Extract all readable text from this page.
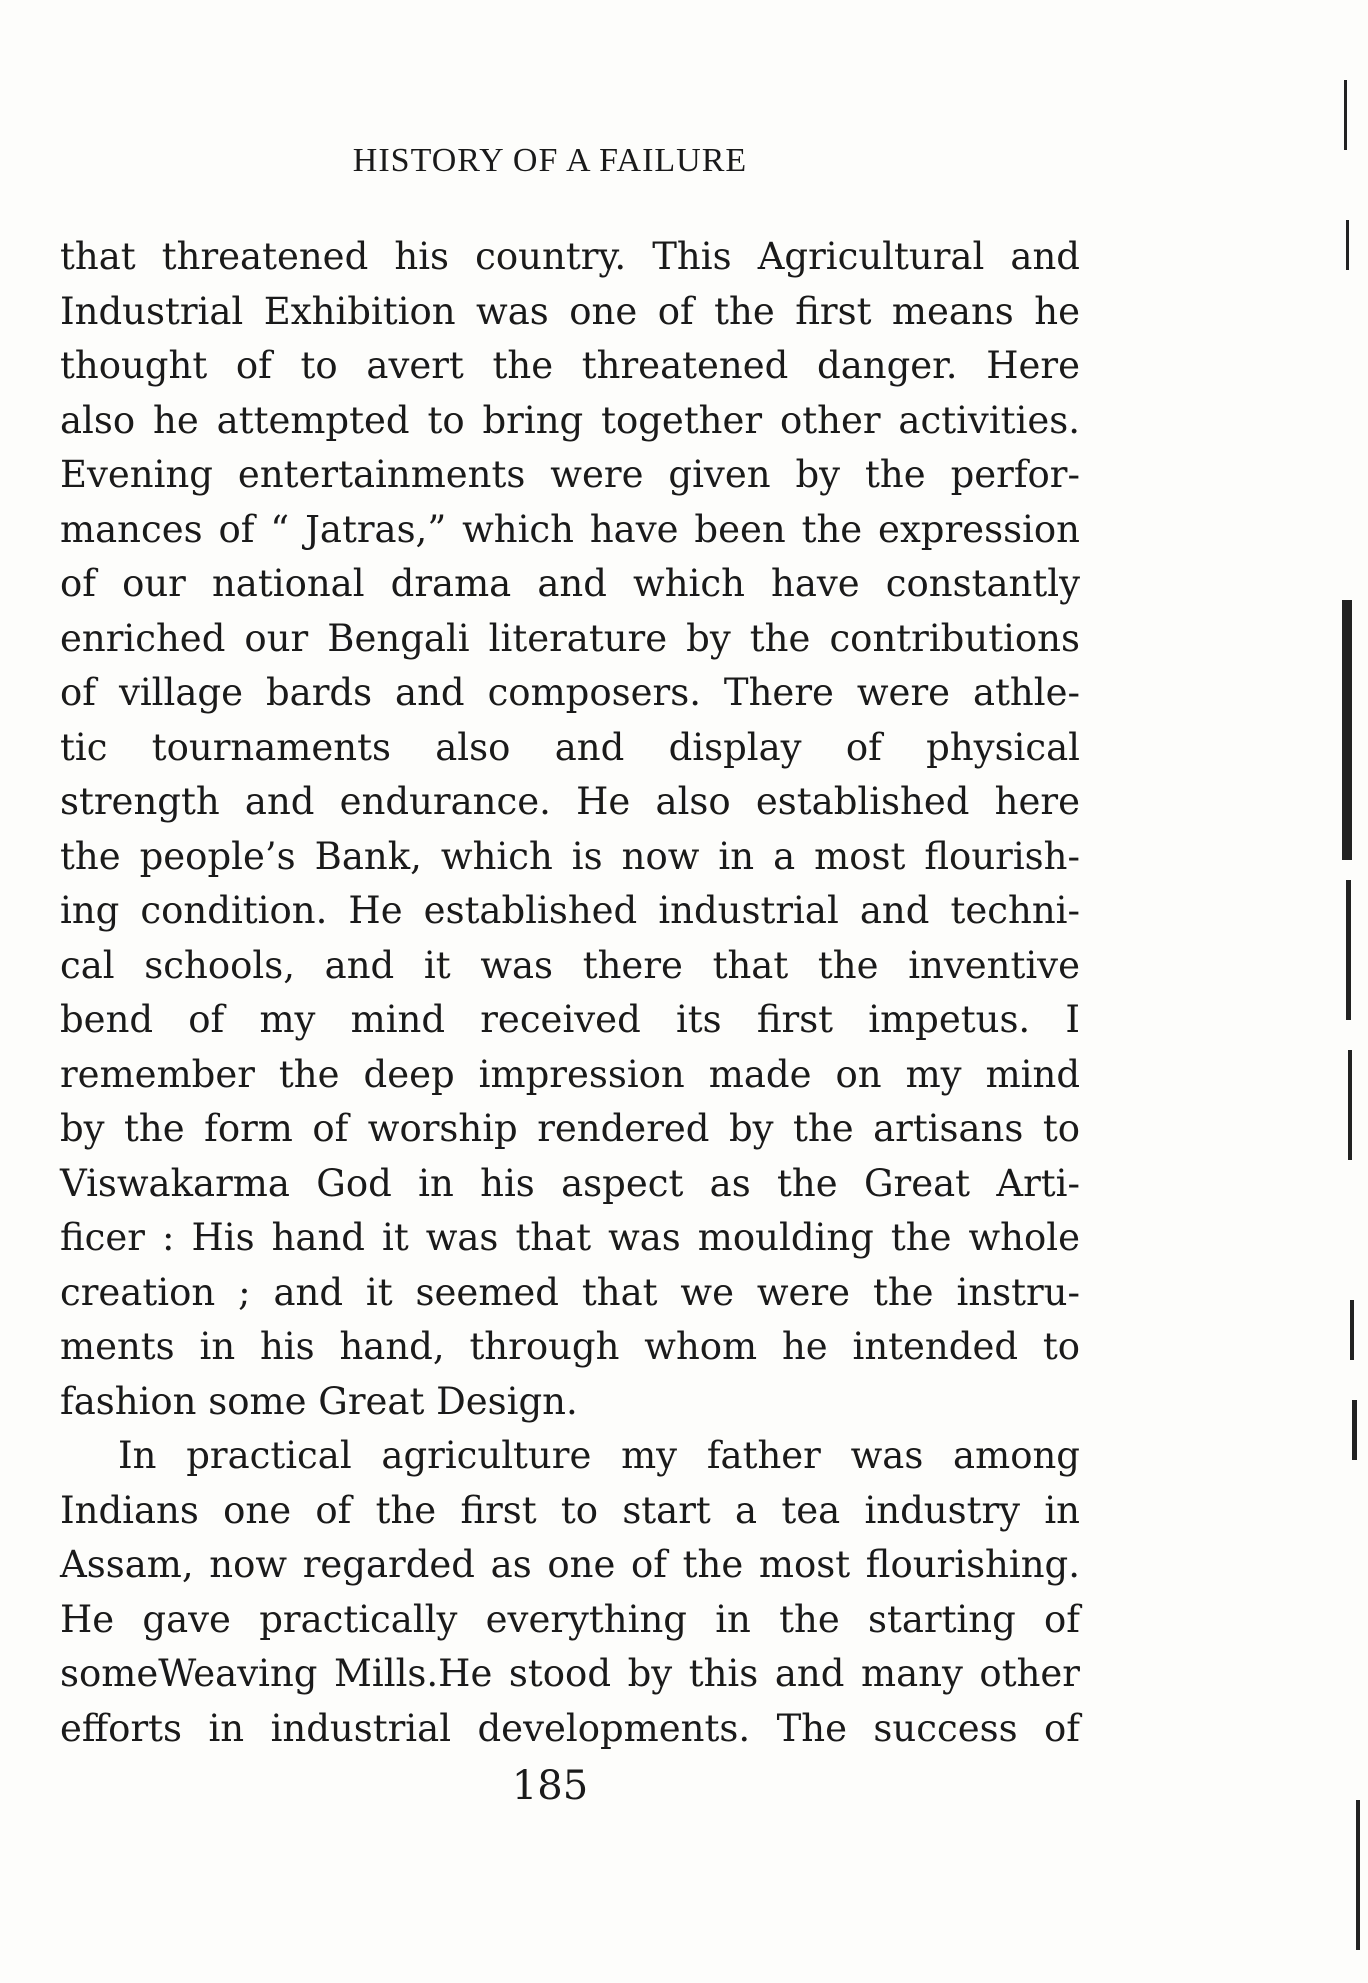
HISTORY OF A FAILURE
that threatened his country. This Agricultural and
Industrial Exhibition was one of the first means he
thought of to avert the threatened danger. Here
also he attempted to bring together other activities.
Evening entertainments were given by the perfor-
mances of “ Jatras,” which have been the expression
of our national drama and which have constantly
enriched our Bengali literature by the contributions
of village bards and composers. There were athle-
tic tournaments also and display of physical
strength and endurance. He also established here
the people’s Bank, which is now in a most flourish-
ing condition. He established industrial and techni-
cal schools, and it was there that the inventive
bend of my mind received its first impetus. I
remember the deep impression made on my mind
by the form of worship rendered by the artisans to
Viswakarma God in his aspect as the Great Arti-
ficer : His hand it was that was moulding the whole
creation ; and it seemed that we were the instru-
ments in his hand, through whom he intended to
fashion some Great Design.
In practical agriculture my father was among
Indians one of the first to start a tea industry in
Assam, now regarded as one of the most flourishing.
He gave practically everything in the starting of
someWeaving Mills.He stood by this and many other
efforts in industrial developments. The success of
185
